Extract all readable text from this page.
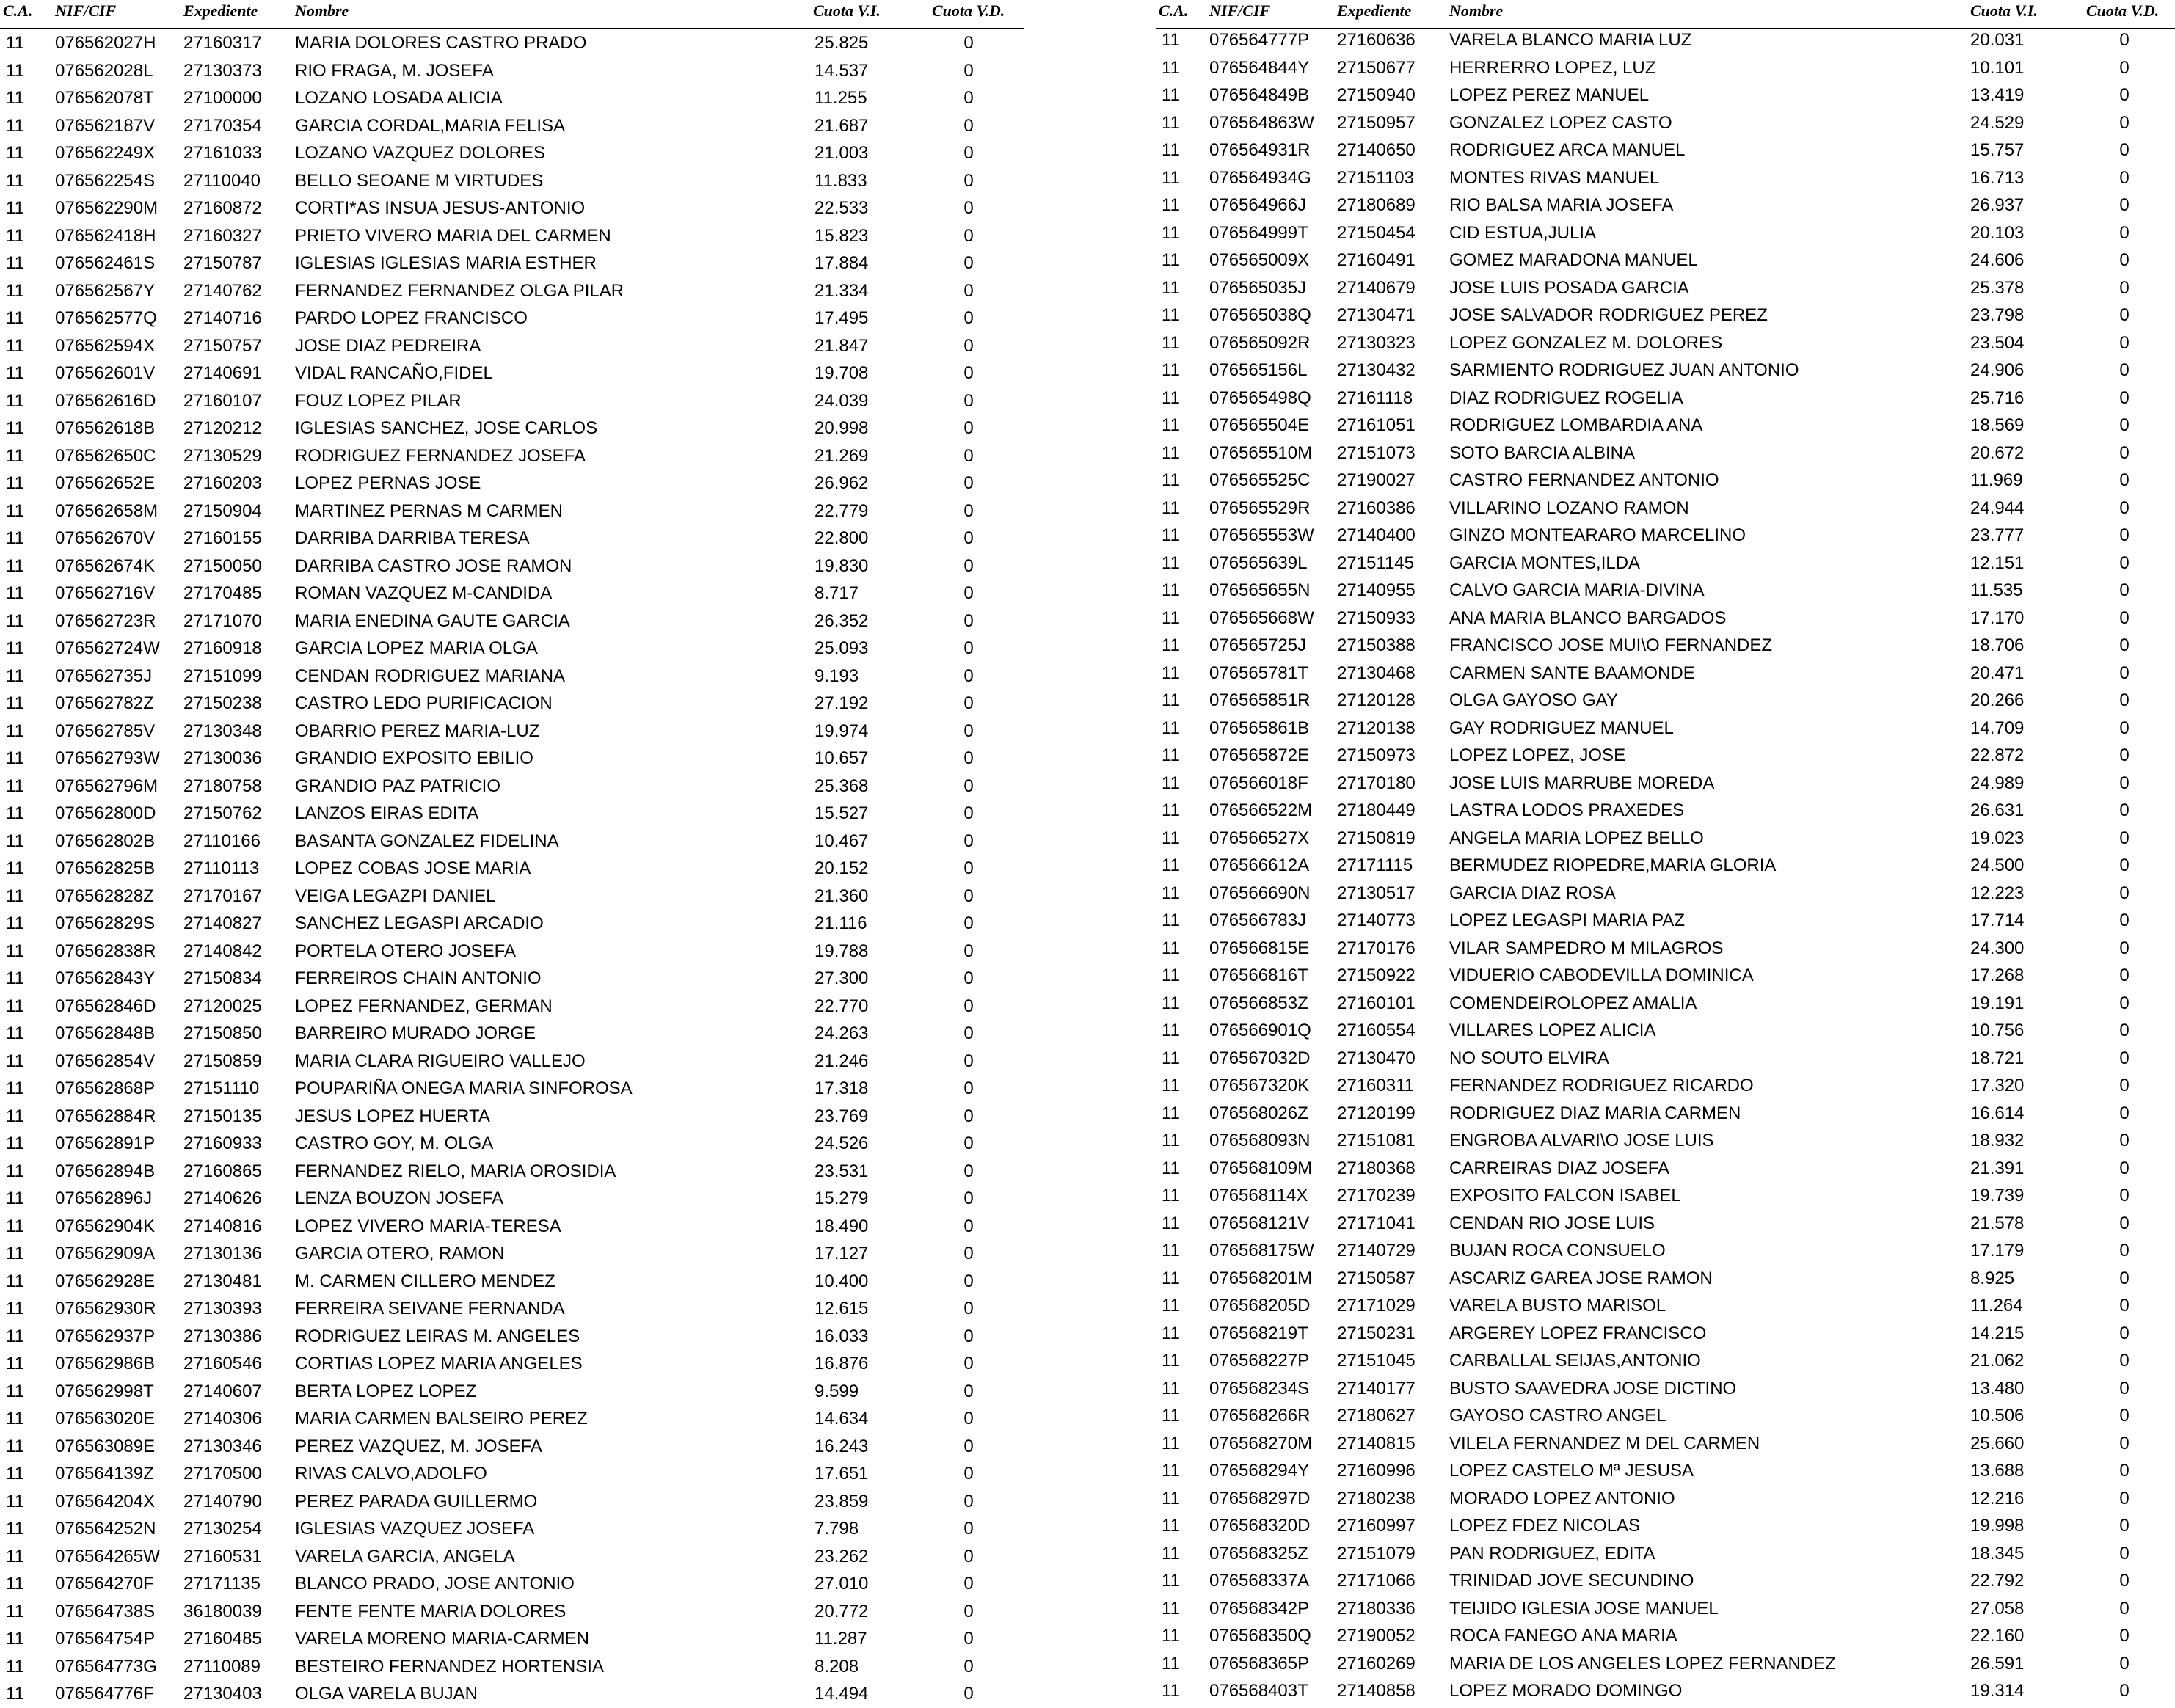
C.A. NIF/CIF	Expediente Nombre	Cuota V.I.	Cuota V.D.
11 076562027H 27160317 MARIA DOLORES CASTRO PRADO	25.825	0
11 076562028L 27130373 RIO FRAGA, M. JOSEFA	14.537	0
11 076562078T 27100000 LOZANO LOSADA ALICIA	11.255	0
11 076562187V 27170354 GARCIA CORDAL,MARIA FELISA	21.687	0
11 076562249X 27161033 LOZANO VAZQUEZ DOLORES	21.003	0
11 076562254S 27110040 BELLO SEOANE M VIRTUDES	11.833	0
11 076562290M 27160872 CORTI*AS INSUA JESUS-ANTONIO	22.533	0
11 076562418H 27160327 PRIETO VIVERO MARIA DEL CARMEN	15.823	0
11 076562461S 27150787 IGLESIAS IGLESIAS MARIA ESTHER	17.884	0
11 076562567Y 27140762 FERNANDEZ FERNANDEZ OLGA PILAR	21.334	0
11 076562577Q 27140716 PARDO LOPEZ FRANCISCO	17.495	0
11 076562594X 27150757 JOSE DIAZ PEDREIRA	21.847	0
11 076562601V 27140691 VIDAL RANCAÑO,FIDEL	19.708	0
11 076562616D 27160107 FOUZ LOPEZ PILAR	24.039	0
11 076562618B 27120212 IGLESIAS SANCHEZ, JOSE CARLOS	20.998	0
11 076562650C 27130529 RODRIGUEZ FERNANDEZ JOSEFA	21.269	0
11 076562652E 27160203 LOPEZ PERNAS JOSE	26.962	0
11 076562658M 27150904 MARTINEZ PERNAS M CARMEN	22.779	0
11 076562670V 27160155 DARRIBA DARRIBA TERESA	22.800	0
11 076562674K 27150050 DARRIBA CASTRO JOSE RAMON	19.830	0
11 076562716V 27170485 ROMAN VAZQUEZ M-CANDIDA	8.717	0
11 076562723R 27171070 MARIA ENEDINA GAUTE GARCIA	26.352	0
11 076562724W 27160918 GARCIA LOPEZ MARIA OLGA	25.093	0
11 076562735J 27151099 CENDAN RODRIGUEZ MARIANA	9.193	0
11 076562782Z 27150238 CASTRO LEDO PURIFICACION	27.192	0
11 076562785V 27130348 OBARRIO PEREZ MARIA-LUZ	19.974	0
11 076562793W 27130036 GRANDIO EXPOSITO EBILIO	10.657	0
11 076562796M 27180758 GRANDIO PAZ PATRICIO	25.368	0
11 076562800D 27150762 LANZOS EIRAS EDITA	15.527	0
11 076562802B 27110166 BASANTA GONZALEZ FIDELINA	10.467	0
11 076562825B 27110113 LOPEZ COBAS JOSE MARIA	20.152	0
11 076562828Z 27170167 VEIGA LEGAZPI DANIEL	21.360	0
11 076562829S 27140827 SANCHEZ LEGASPI ARCADIO	21.116	0
11 076562838R 27140842 PORTELA OTERO JOSEFA	19.788	0
11 076562843Y 27150834 FERREIROS CHAIN ANTONIO	27.300	0
11 076562846D 27120025 LOPEZ FERNANDEZ, GERMAN	22.770	0
11 076562848B 27150850 BARREIRO MURADO JORGE	24.263	0
11 076562854V 27150859 MARIA CLARA RIGUEIRO VALLEJO	21.246	0
11 076562868P 27151110 POUPARIÑA ONEGA MARIA SINFOROSA	17.318	0
11 076562884R 27150135 JESUS LOPEZ HUERTA	23.769	0
11 076562891P 27160933 CASTRO GOY, M. OLGA	24.526	0
11 076562894B 27160865 FERNANDEZ RIELO, MARIA OROSIDIA	23.531	0
11 076562896J 27140626 LENZA BOUZON JOSEFA	15.279	0
11 076562904K 27140816 LOPEZ VIVERO MARIA-TERESA	18.490	0
11 076562909A 27130136 GARCIA OTERO, RAMON	17.127	0
11 076562928E 27130481 M. CARMEN CILLERO MENDEZ	10.400	0
11 076562930R 27130393 FERREIRA SEIVANE FERNANDA	12.615	0
11 076562937P 27130386 RODRIGUEZ LEIRAS M. ANGELES	16.033	0
11 076562986B 27160546 CORTIAS LOPEZ MARIA ANGELES	16.876	0
11 076562998T 27140607 BERTA LOPEZ LOPEZ	9.599	0
11 076563020E 27140306 MARIA CARMEN BALSEIRO PEREZ	14.634	0
11 076563089E 27130346 PEREZ VAZQUEZ, M. JOSEFA	16.243	0
11 076564139Z 27170500 RIVAS CALVO,ADOLFO	17.651	0
11 076564204X 27140790 PEREZ PARADA GUILLERMO	23.859	0
11 076564252N 27130254 IGLESIAS VAZQUEZ JOSEFA	7.798	0
11 076564265W 27160531 VARELA GARCIA, ANGELA	23.262	0
11 076564270F 27171135 BLANCO PRADO, JOSE ANTONIO	27.010	0
11 076564738S 36180039 FENTE FENTE MARIA DOLORES	20.772	0
11 076564754P 27160485 VARELA MORENO MARIA-CARMEN	11.287	0
11 076564773G 27110089 BESTEIRO FERNANDEZ HORTENSIA	8.208	0
11 076564776F 27130403 OLGA VARELA BUJAN	14.494	0
C.A. NIF/CIF	Expediente Nombre	Cuota V.I.	Cuota V.D.
11 076564777P 27160636 VARELA BLANCO MARIA LUZ	20.031	0
11 076564844Y 27150677 HERRERRO LOPEZ, LUZ	10.101	0
11 076564849B 27150940 LOPEZ PEREZ MANUEL	13.419	0
11 076564863W 27150957 GONZALEZ LOPEZ CASTO	24.529	0
11 076564931R 27140650 RODRIGUEZ ARCA MANUEL	15.757	0
11 076564934G 27151103 MONTES RIVAS MANUEL	16.713	0
11 076564966J 27180689 RIO BALSA MARIA JOSEFA	26.937	0
11 076564999T 27150454 CID ESTUA,JULIA	20.103	0
11 076565009X 27160491 GOMEZ MARADONA MANUEL	24.606	0
11 076565035J 27140679 JOSE LUIS POSADA GARCIA	25.378	0
11 076565038Q 27130471 JOSE SALVADOR RODRIGUEZ PEREZ	23.798	0
11 076565092R 27130323 LOPEZ GONZALEZ M. DOLORES	23.504	0
11 076565156L 27130432 SARMIENTO RODRIGUEZ JUAN ANTONIO	24.906	0
11 076565498Q 27161118 DIAZ RODRIGUEZ ROGELIA	25.716	0
11 076565504E 27161051 RODRIGUEZ LOMBARDIA ANA	18.569	0
11 076565510M 27151073 SOTO BARCIA ALBINA	20.672	0
11 076565525C 27190027 CASTRO FERNANDEZ ANTONIO	11.969	0
11 076565529R 27160386 VILLARINO LOZANO RAMON	24.944	0
11 076565553W 27140400 GINZO MONTEARARO MARCELINO	23.777	0
11 076565639L 27151145 GARCIA MONTES,ILDA	12.151	0
11 076565655N 27140955 CALVO GARCIA MARIA-DIVINA	11.535	0
11 076565668W 27150933 ANA MARIA BLANCO BARGADOS	17.170	0
11 076565725J 27150388 FRANCISCO JOSE MUI\O FERNANDEZ	18.706	0
11 076565781T 27130468 CARMEN SANTE BAAMONDE	20.471	0
11 076565851R 27120128 OLGA GAYOSO GAY	20.266	0
11 076565861B 27120138 GAY RODRIGUEZ MANUEL	14.709	0
11 076565872E 27150973 LOPEZ LOPEZ, JOSE	22.872	0
11 076566018F 27170180 JOSE LUIS MARRUBE MOREDA	24.989	0
11 076566522M 27180449 LASTRA LODOS PRAXEDES	26.631	0
11 076566527X 27150819 ANGELA MARIA LOPEZ BELLO	19.023	0
11 076566612A 27171115 BERMUDEZ RIOPEDRE,MARIA GLORIA	24.500	0
11 076566690N 27130517 GARCIA DIAZ ROSA	12.223	0
11 076566783J 27140773 LOPEZ LEGASPI MARIA PAZ	17.714	0
11 076566815E 27170176 VILAR SAMPEDRO M MILAGROS	24.300	0
11 076566816T 27150922 VIDUERIO CABODEVILLA DOMINICA	17.268	0
11 076566853Z 27160101 COMENDEIROLOPEZ AMALIA	19.191	0
11 076566901Q 27160554 VILLARES LOPEZ ALICIA	10.756	0
11 076567032D 27130470 NO SOUTO ELVIRA	18.721	0
11 076567320K 27160311 FERNANDEZ RODRIGUEZ RICARDO	17.320	0
11 076568026Z 27120199 RODRIGUEZ DIAZ MARIA CARMEN	16.614	0
11 076568093N 27151081 ENGROBA ALVARI\O JOSE LUIS	18.932	0
11 076568109M 27180368 CARREIRAS DIAZ JOSEFA	21.391	0
11 076568114X 27170239 EXPOSITO FALCON ISABEL	19.739	0
11 076568121V 27171041 CENDAN RIO JOSE LUIS	21.578	0
11 076568175W 27140729 BUJAN ROCA CONSUELO	17.179	0
11 076568201M 27150587 ASCARIZ GAREA JOSE RAMON	8.925	0
11 076568205D 27171029 VARELA BUSTO MARISOL	11.264	0
11 076568219T 27150231 ARGEREY LOPEZ FRANCISCO	14.215	0
11 076568227P 27151045 CARBALLAL SEIJAS,ANTONIO	21.062	0
11 076568234S 27140177 BUSTO SAAVEDRA JOSE DICTINO	13.480	0
11 076568266R 27180627 GAYOSO CASTRO ANGEL	10.506	0
11 076568270M 27140815 VILELA FERNANDEZ M DEL CARMEN	25.660	0
11 076568294Y 27160996 LOPEZ CASTELO Mª JESUSA	13.688	0
11 076568297D 27180238 MORADO LOPEZ ANTONIO	12.216	0
11 076568320D 27160997 LOPEZ FDEZ NICOLAS	19.998	0
11 076568325Z 27151079 PAN RODRIGUEZ, EDITA	18.345	0
11 076568337A 27171066 TRINIDAD JOVE SECUNDINO	22.792	0
11 076568342P 27180336 TEIJIDO IGLESIA JOSE MANUEL	27.058	0
11 076568350Q 27190052 ROCA FANEGO ANA MARIA	22.160	0
11 076568365P 27160269 MARIA DE LOS ANGELES LOPEZ FERNANDEZ	26.591	0
11 076568403T 27140858 LOPEZ MORADO DOMINGO	19.314	0
